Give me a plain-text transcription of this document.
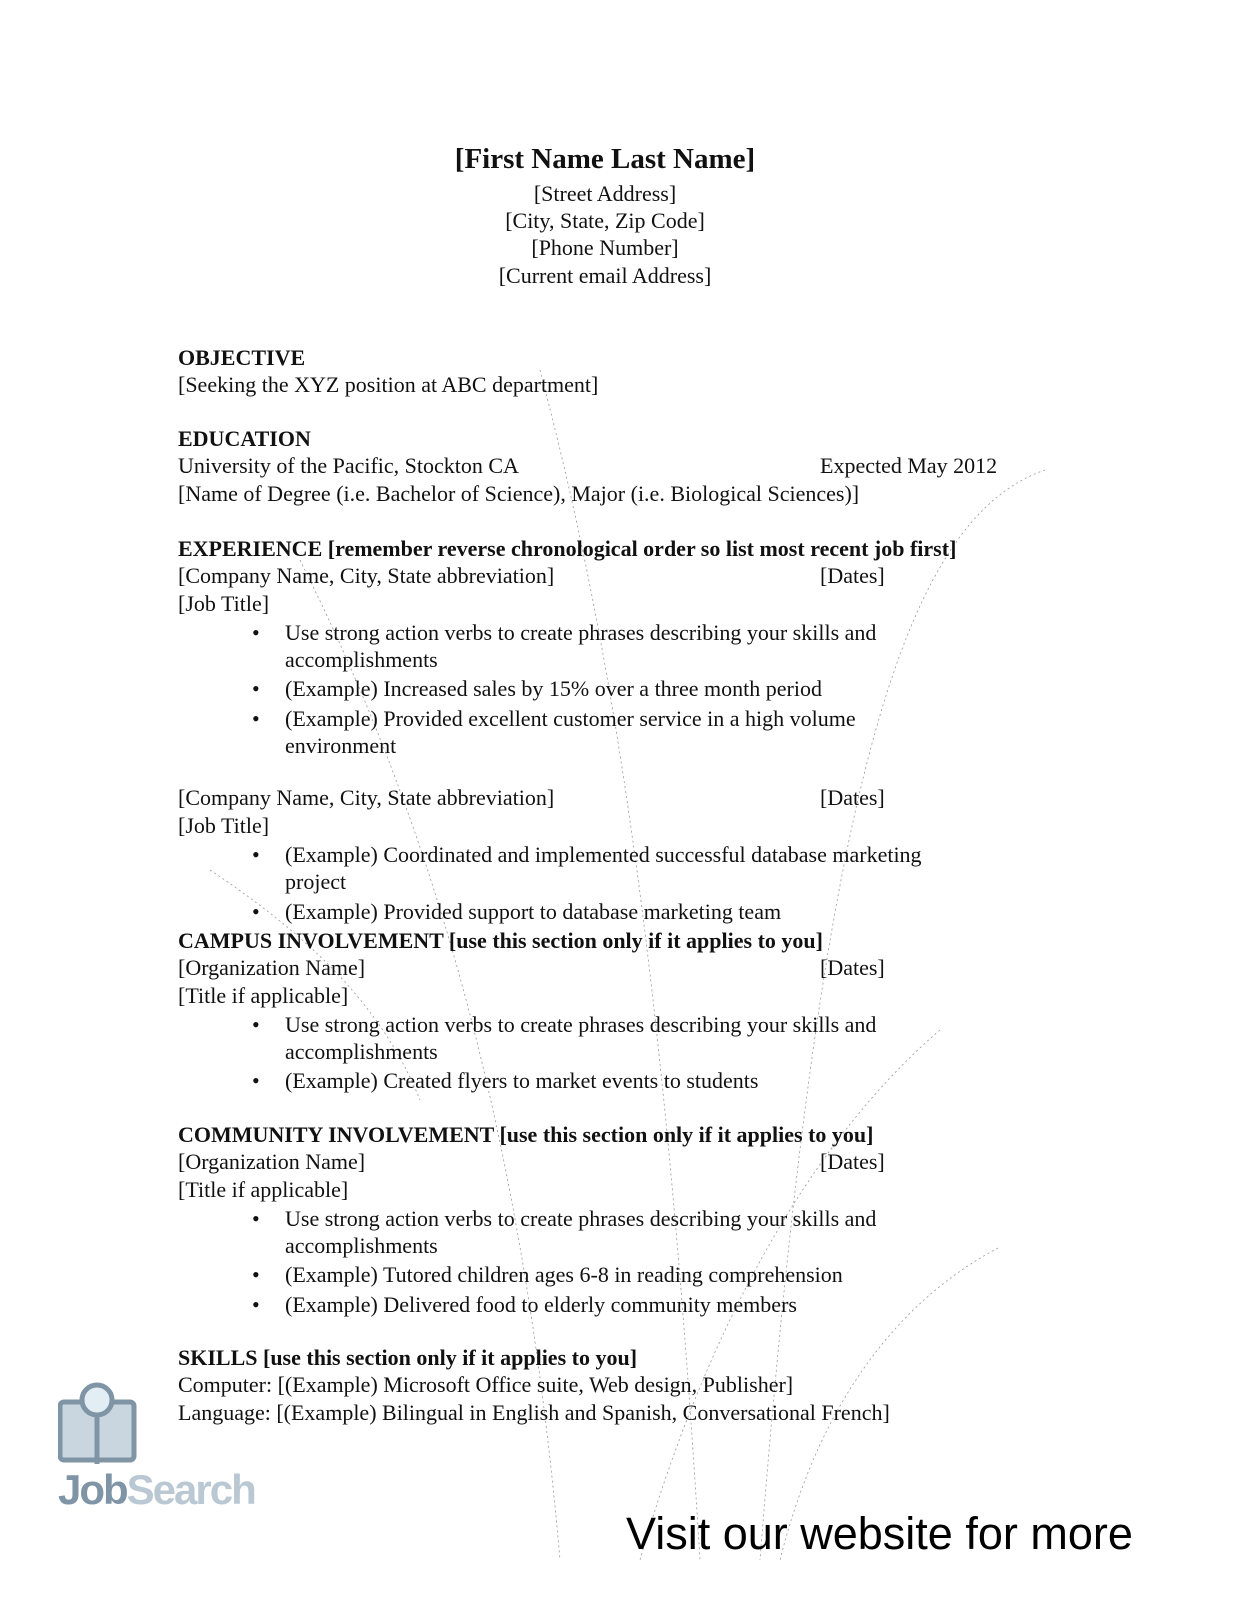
[First Name Last Name]
[Street Address]
[City, State, Zip Code]
[Phone Number]
[Current email Address]
OBJECTIVE
[Seeking the XYZ position at ABC department]
EDUCATION
University of the Pacific, Stockton CA	Expected May 2012
[Name of Degree (i.e. Bachelor of Science), Major (i.e. Biological Sciences)]
EXPERIENCE [remember reverse chronological order so list most recent job first]
[Company Name, City, State abbreviation]	[Dates]
[Job Title]
• Use strong action verbs to create phrases describing your skills and accomplishments
• (Example) Increased sales by 15% over a three month period
• (Example) Provided excellent customer service in a high volume environment
[Company Name, City, State abbreviation]	[Dates]
[Job Title]
• (Example) Coordinated and implemented successful database marketing project
• (Example) Provided support to database marketing team
CAMPUS INVOLVEMENT [use this section only if it applies to you]
[Organization Name]	[Dates]
[Title if applicable]
• Use strong action verbs to create phrases describing your skills and accomplishments
• (Example) Created flyers to market events to students
COMMUNITY INVOLVEMENT [use this section only if it applies to you]
[Organization Name]	[Dates]
[Title if applicable]
• Use strong action verbs to create phrases describing your skills and accomplishments
• (Example) Tutored children ages 6-8 in reading comprehension
• (Example) Delivered food to elderly community members
SKILLS [use this section only if it applies to you]
Computer: [(Example) Microsoft Office suite, Web design, Publisher]
Language: [(Example) Bilingual in English and Spanish, Conversational French]
JobSearch
Visit our website for more
